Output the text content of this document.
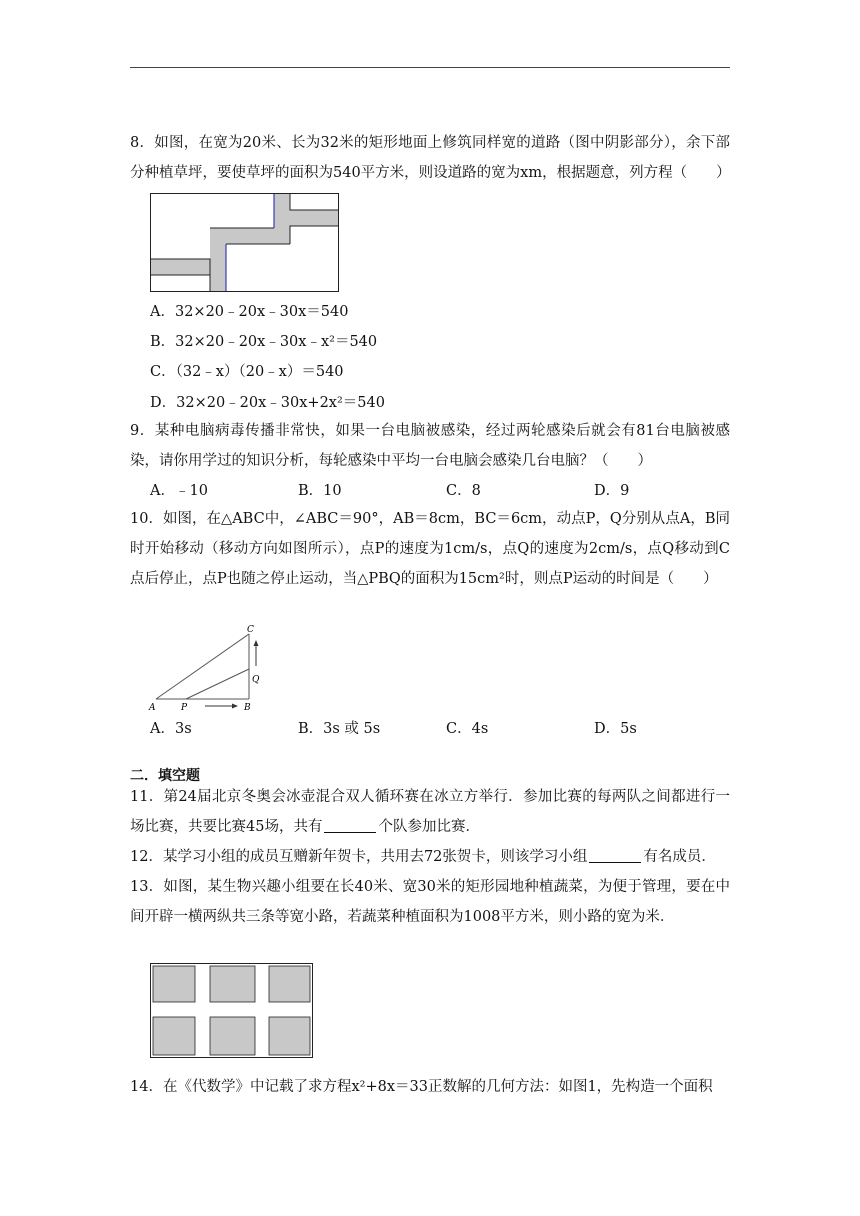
8．如图，在宽为20米、长为32米的矩形地面上修筑同样宽的道路（图中阴影部分），余下部分种植草坪，要使草坪的面积为540平方米，则设道路的宽为xm，根据题意，列方程（　　）
A．32×20﹣20x﹣30x＝540
B．32×20﹣20x﹣30x﹣x²＝540
C．（32﹣x）（20﹣x）＝540
D．32×20﹣20x﹣30x+2x²＝540
9．某种电脑病毒传播非常快，如果一台电脑被感染，经过两轮感染后就会有81台电脑被感染，请你用学过的知识分析，每轮感染中平均一台电脑会感染几台电脑？（　　）
A．﹣10	B．10	C．8	D．9
10．如图，在△ABC中，∠ABC＝90°，AB＝8cm，BC＝6cm，动点P，Q分别从点A，B同时开始移动（移动方向如图所示），点P的速度为1cm/s，点Q的速度为2cm/s，点Q移动到C点后停止，点P也随之停止运动，当△PBQ的面积为15cm²时，则点P运动的时间是（　　）
A	P	B
C
Q
A．3s	B．3s 或 5s	C．4s	D．5s
二．填空题
11．第24届北京冬奥会冰壶混合双人循环赛在冰立方举行．参加比赛的每两队之间都进行一场比赛，共要比赛45场，共有	个队参加比赛．
12．某学习小组的成员互赠新年贺卡，共用去72张贺卡，则该学习小组	有名成员．
13．如图，某生物兴趣小组要在长40米、宽30米的矩形园地种植蔬菜，为便于管理，要在中间开辟一横两纵共三条等宽小路，若蔬菜种植面积为1008平方米，则小路的宽为米．
14．在《代数学》中记载了求方程x²+8x＝33正数解的几何方法：如图1，先构造一个面积
